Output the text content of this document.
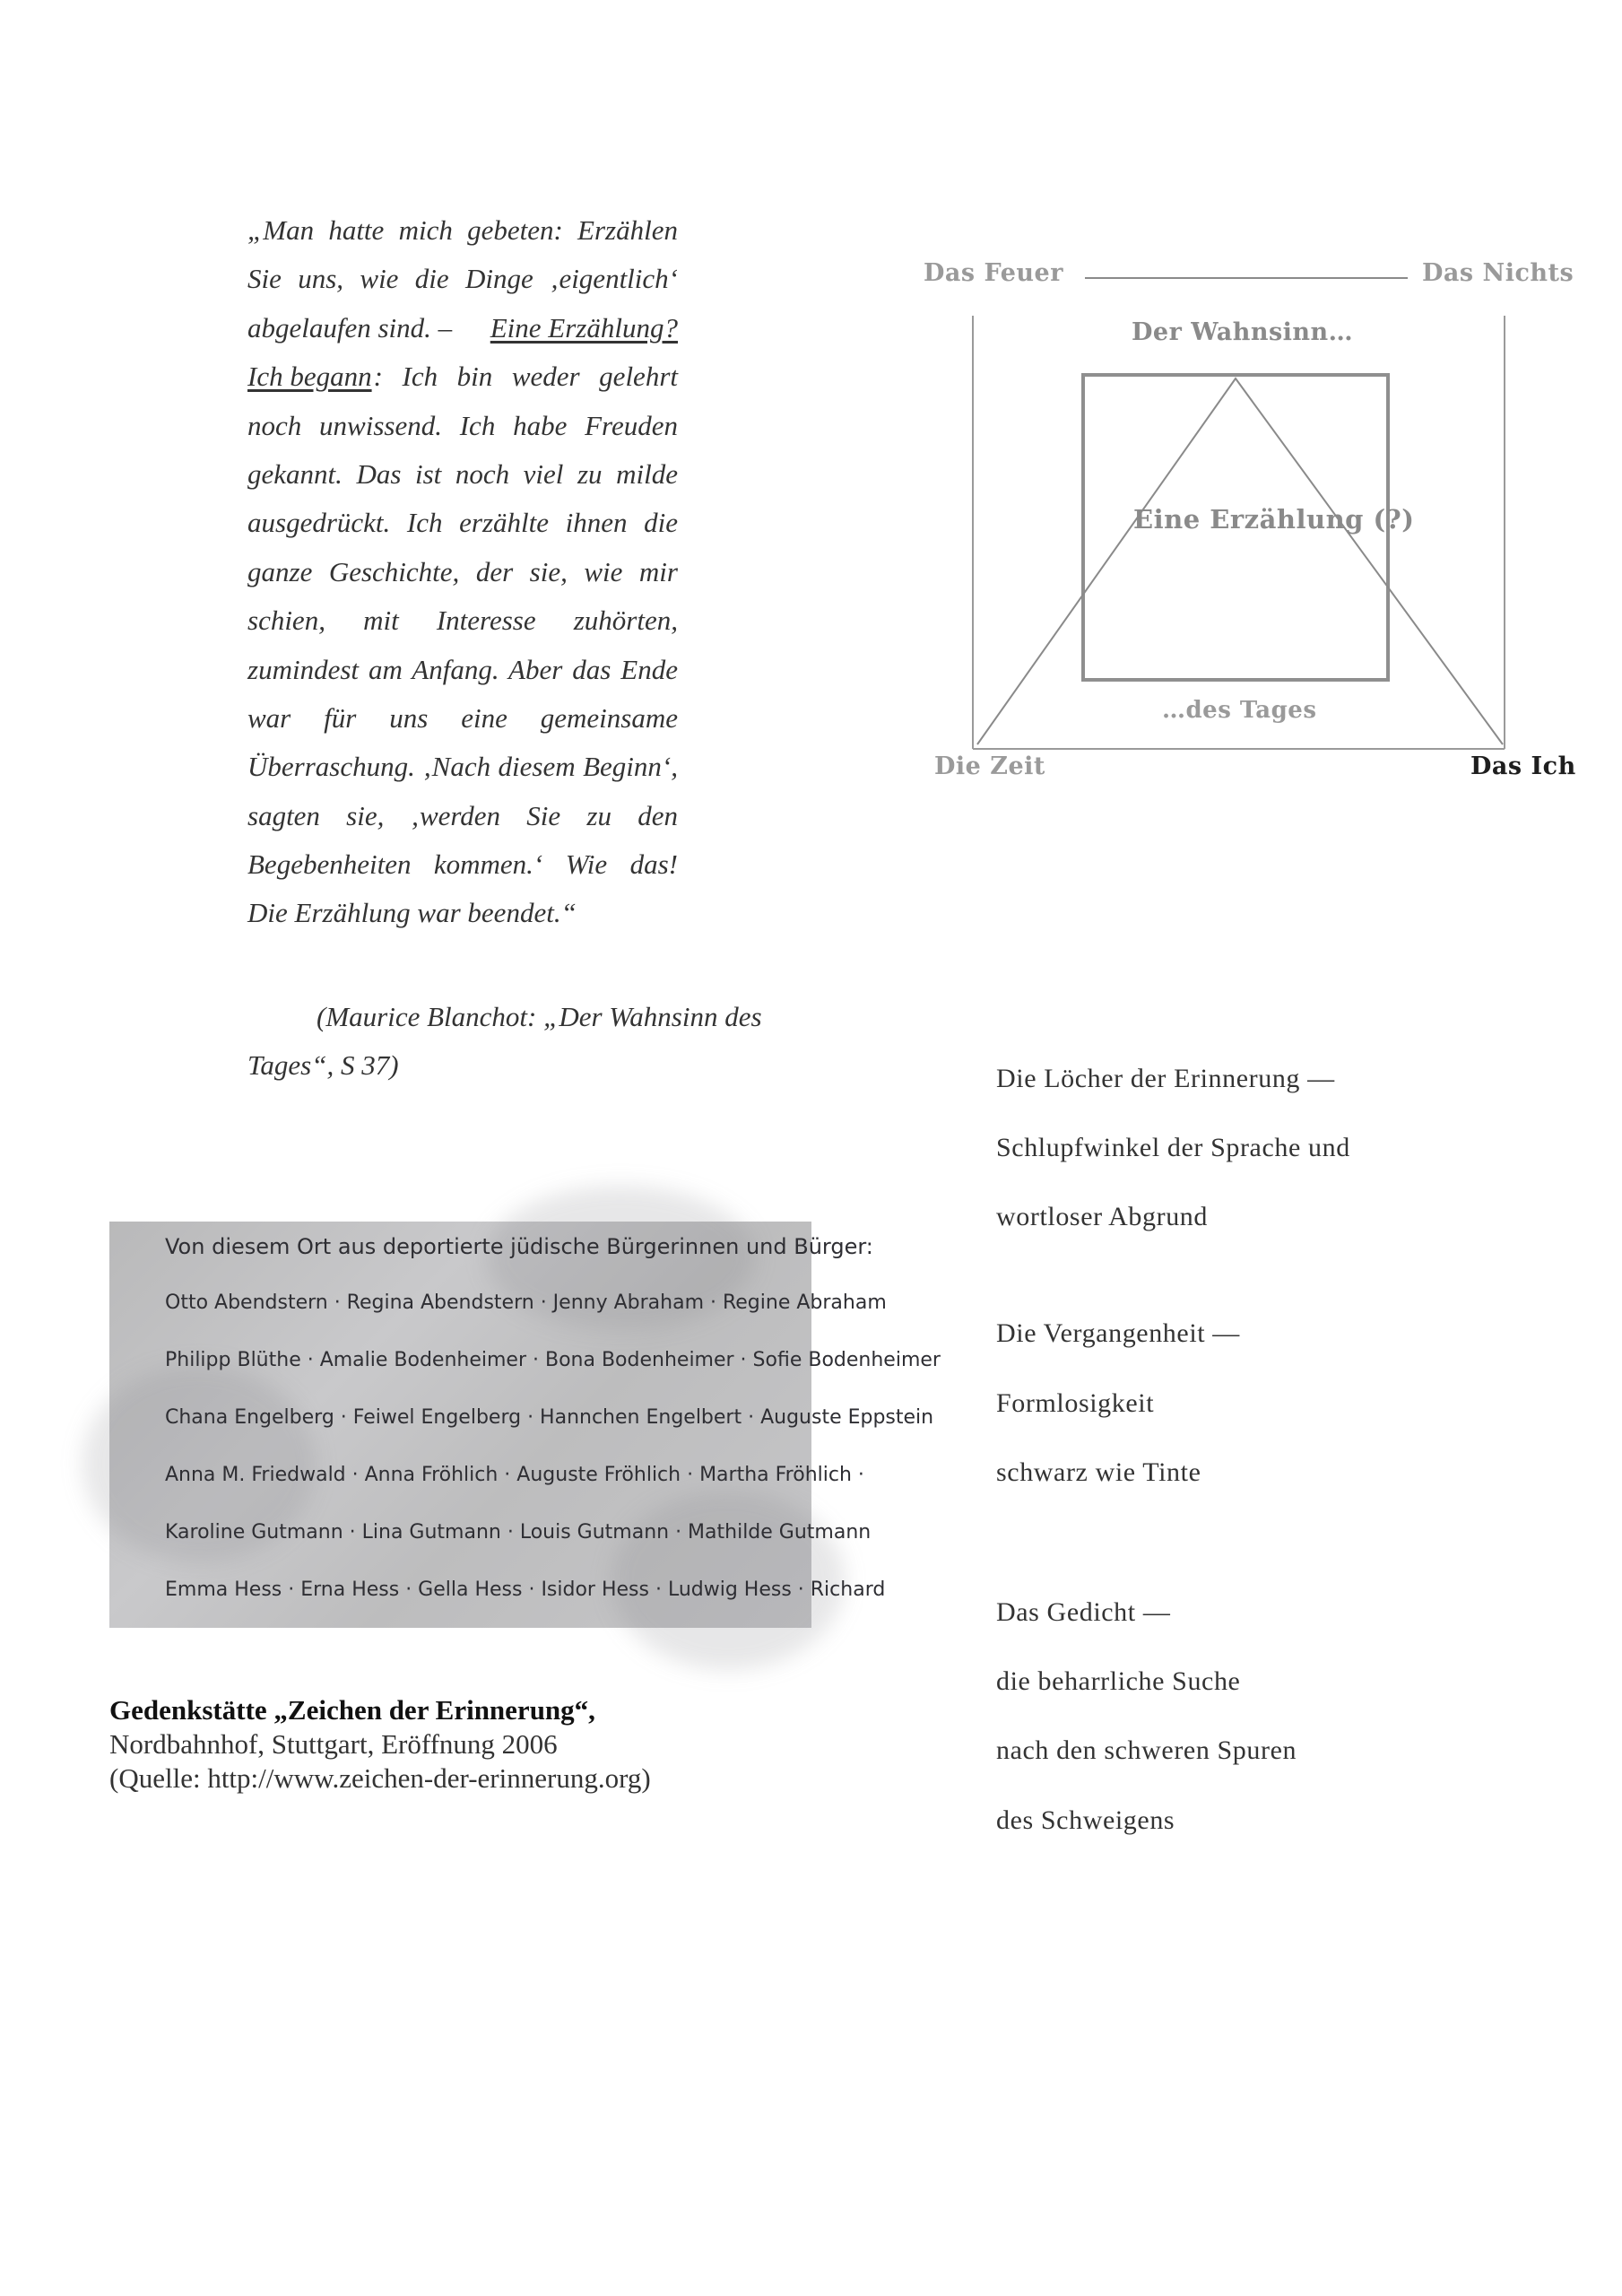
„Man hatte mich gebeten: Erzählen
Sie uns, wie die Dinge ‚eigentlich‘
abgelaufen sind. – Eine Erzählung?
Ich begann : Ich bin weder gelehrt
noch unwissend. Ich habe Freuden
gekannt. Das ist noch viel zu milde
ausgedrückt. Ich erzählte ihnen die
ganze Geschichte, der sie, wie mir
schien, mit Interesse zuhörten,
zumindest am Anfang. Aber das Ende
war für uns eine gemeinsame
Überraschung. ‚Nach diesem Beginn‘,
sagten sie, ‚werden Sie zu den
Begebenheiten kommen.‘ Wie das!
Die Erzählung war beendet.“
(Maurice Blanchot: „Der Wahnsinn des
Tages“, S 37)
Das Feuer	Das Nichts
Der Wahnsinn…
Eine Erzählung (?)
…des Tages
Die Zeit	Das Ich
Von diesem Ort aus deportierte jüdische Bürgerinnen und Bürger:
Otto Abendstern · Regina Abendstern · Jenny Abraham · Regine Abraham
Philipp Blüthe · Amalie Bodenheimer · Bona Bodenheimer · Sofie Bodenheimer
Chana Engelberg · Feiwel Engelberg · Hannchen Engelbert · Auguste Eppstein
Anna M. Friedwald · Anna Fröhlich · Auguste Fröhlich · Martha Fröhlich ·
Karoline Gutmann · Lina Gutmann · Louis Gutmann · Mathilde Gutmann
Emma Hess · Erna Hess · Gella Hess · Isidor Hess · Ludwig Hess · Richard
Gedenkstätte „Zeichen der Erinnerung“,
Nordbahnhof, Stuttgart, Eröffnung 2006
(Quelle: http://www.zeichen-der-erinnerung.org)
Die Löcher der Erinnerung —
Schlupfwinkel der Sprache und
wortloser Abgrund
Die Vergangenheit —
Formlosigkeit
schwarz wie Tinte
Das Gedicht —
die beharrliche Suche
nach den schweren Spuren
des Schweigens
